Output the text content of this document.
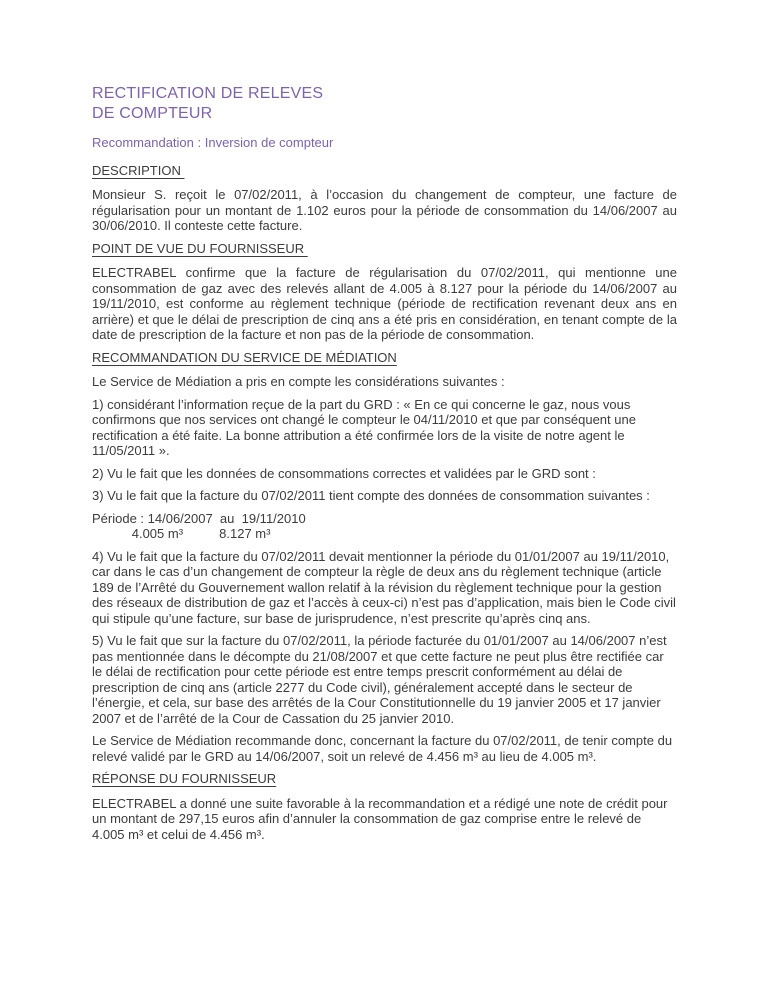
RECTIFICATION DE RELEVES
DE COMPTEUR

Recommandation : Inversion de compteur

DESCRIPTION

Monsieur S. reçoit le 07/02/2011, à l’occasion du changement de compteur, une facture de régularisation pour un montant de 1.102 euros pour la période de consommation du 14/06/2007 au 30/06/2010. Il conteste cette facture.

POINT DE VUE DU FOURNISSEUR

ELECTRABEL confirme que la facture de régularisation du 07/02/2011, qui mentionne une consommation de gaz avec des relevés allant de 4.005 à 8.127 pour la période du 14/06/2007 au 19/11/2010, est conforme au règlement technique (période de rectification revenant deux ans en arrière) et que le délai de prescription de cinq ans a été pris en considération, en tenant compte de la date de prescription de la facture et non pas de la période de consommation.

RECOMMANDATION DU SERVICE DE MÉDIATION

Le Service de Médiation a pris en compte les considérations suivantes :

1) considérant l’information reçue de la part du GRD : « En ce qui concerne le gaz, nous vous confirmons que nos services ont changé le compteur le 04/11/2010 et que par conséquent une rectification a été faite. La bonne attribution a été confirmée lors de la visite de notre agent le 11/05/2011 ».

2) Vu le fait que les données de consommations correctes et validées par le GRD sont :

3) Vu le fait que la facture du 07/02/2011 tient compte des données de consommation suivantes :

Période : 14/06/2007  au  19/11/2010
4.005 m³          8.127 m³

4) Vu le fait que la facture du 07/02/2011 devait mentionner la période du 01/01/2007 au 19/11/2010, car dans le cas d’un changement de compteur la règle de deux ans du règlement technique (article 189 de l’Arrêté du Gouvernement wallon relatif à la révision du règlement technique pour la gestion des réseaux de distribution de gaz et l’accès à ceux-ci) n’est pas d’application, mais bien le Code civil qui stipule qu’une facture, sur base de jurisprudence, n’est prescrite qu’après cinq ans.

5) Vu le fait que sur la facture du 07/02/2011, la période facturée du 01/01/2007 au 14/06/2007 n’est pas mentionnée dans le décompte du 21/08/2007 et que cette facture ne peut plus être rectifiée car le délai de rectification pour cette période est entre temps prescrit conformément au délai de prescription de cinq ans (article 2277 du Code civil), généralement accepté dans le secteur de l’énergie, et cela, sur base des arrêtés de la Cour Constitutionnelle du 19 janvier 2005 et 17 janvier 2007 et de l’arrêté de la Cour de Cassation du 25 janvier 2010.

Le Service de Médiation recommande donc, concernant la facture du 07/02/2011, de tenir compte du relevé validé par le GRD au 14/06/2007, soit un relevé de 4.456 m³ au lieu de 4.005 m³.

RÉPONSE DU FOURNISSEUR

ELECTRABEL a donné une suite favorable à la recommandation et a rédigé une note de crédit pour un montant de 297,15 euros afin d’annuler la consommation de gaz comprise entre le relevé de 4.005 m³ et celui de 4.456 m³.
